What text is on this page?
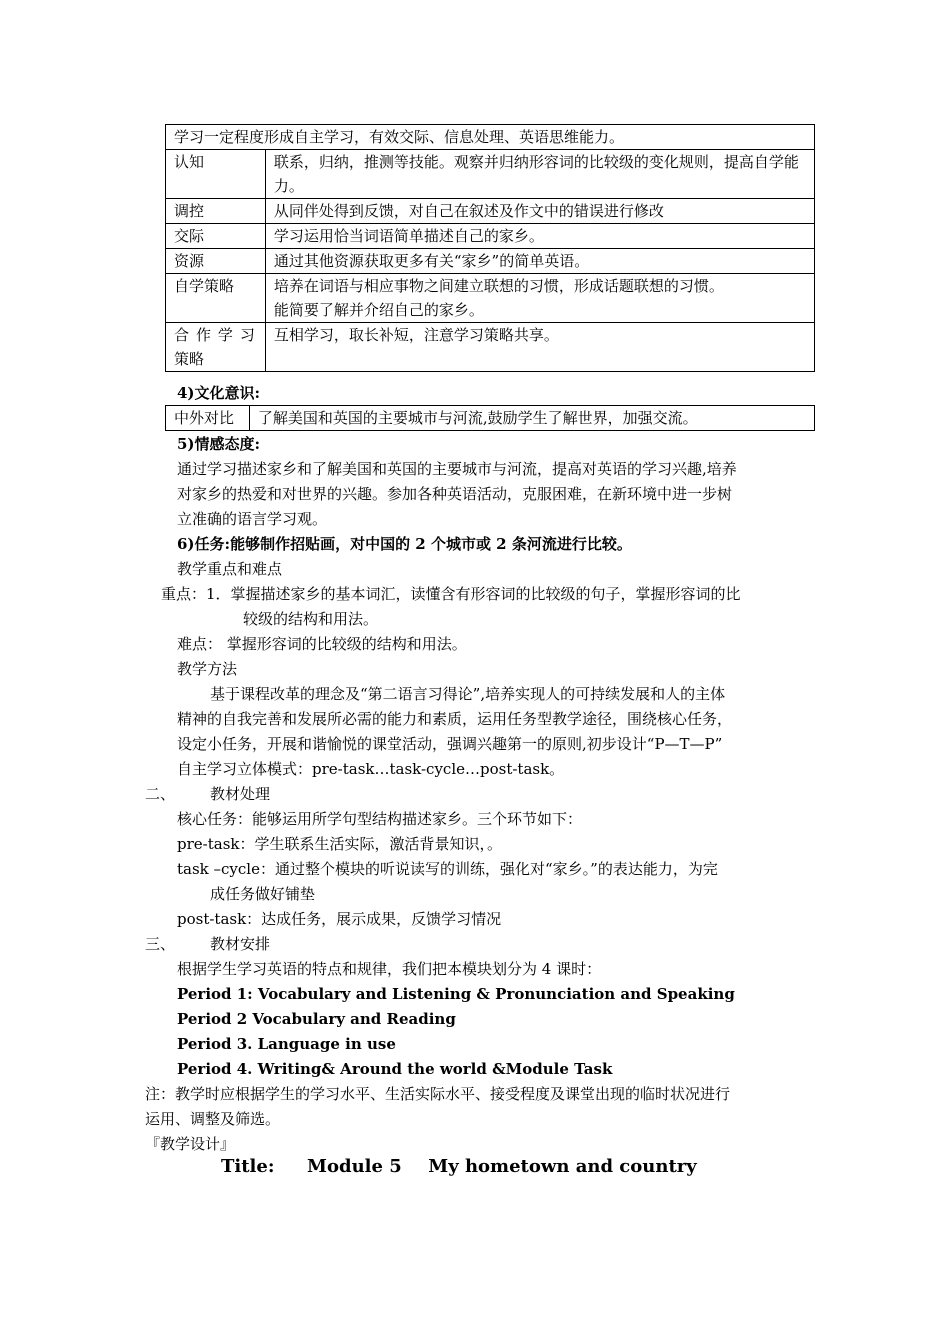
学习一定程度形成自主学习，有效交际、信息处理、英语思维能力。	
认知	联系，归纳，推测等技能。观察并归纳形容词的比较级的变化规则，提高自学能力。
调控	从同伴处得到反馈，对自己在叙述及作文中的错误进行修改
交际	学习运用恰当词语简单描述自己的家乡。
资源	通过其他资源获取更多有关“家乡”的简单英语。
自学策略	培养在词语与相应事物之间建立联想的习惯，形成话题联想的习惯。
能简要了解并介绍自己的家乡。

合作学习
策略	互相学习，取长补短，注意学习策略共享。
4)文化意识:
中外对比	了解美国和英国的主要城市与河流,鼓励学生了解世界，加强交流。
5)情感态度:
通过学习描述家乡和了解美国和英国的主要城市与河流，提高对英语的学习兴趣,培养
对家乡的热爱和对世界的兴趣。参加各种英语活动，克服困难，在新环境中进一步树
立准确的语言学习观。
6)任务:能够制作招贴画，对中国的 2 个城市或 2 条河流进行比较。
教学重点和难点
重点：1．掌握描述家乡的基本词汇，读懂含有形容词的比较级的句子，掌握形容词的比
较级的结构和用法。
难点： 掌握形容词的比较级的结构和用法。
教学方法
基于课程改革的理念及“第二语言习得论”,培养实现人的可持续发展和人的主体
精神的自我完善和发展所必需的能力和素质，运用任务型教学途径，围绕核心任务，
设定小任务，开展和谐愉悦的课堂活动，强调兴趣第一的原则,初步设计“P—T—P”
自主学习立体模式：pre-task…task-cycle…post-task。
二、 教材处理
核心任务：能够运用所学句型结构描述家乡。三个环节如下：
pre-task：学生联系生活实际，激活背景知识，。
task –cycle：通过整个模块的听说读写的训练，强化对“家乡。”的表达能力，为完
成任务做好铺垫
post-task：达成任务，展示成果，反馈学习情况
三、 教材安排
根据学生学习英语的特点和规律，我们把本模块划分为 4 课时：
Period 1: Vocabulary and Listening & Pronunciation and Speaking
Period 2 Vocabulary and Reading
Period 3. Language in use
Period 4. Writing& Around the world &Module Task
注：教学时应根据学生的学习水平、生活实际水平、接受程度及课堂出现的临时状况进行
运用、调整及筛选。
『教学设计』
Title: Module 5 My hometown and country
